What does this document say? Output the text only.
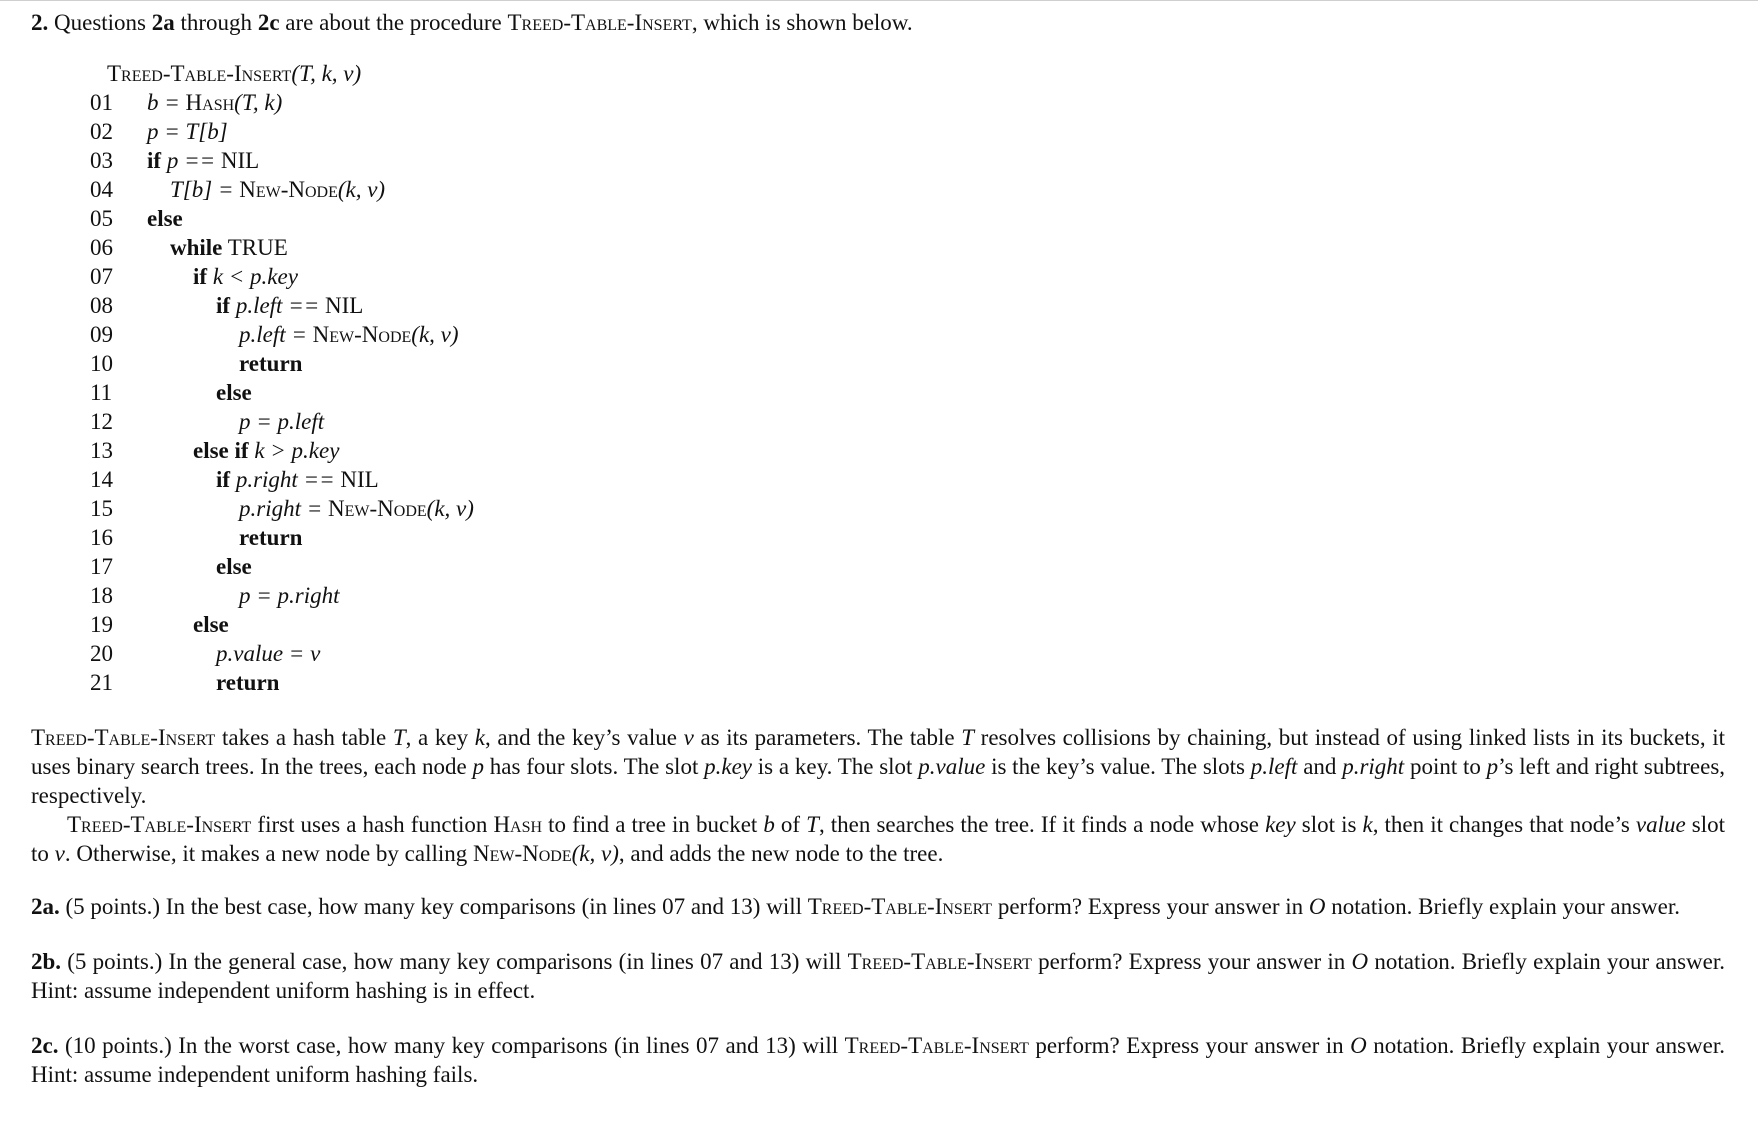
2. Questions 2a through 2c are about the procedure Treed-Table-Insert, which is shown below.

Treed-Table-Insert(T, k, v)
01	b = Hash(T, k)
02	p = T[b]
03	if p == NIL
04	T[b] = New-Node(k, v)
05	else
06	while TRUE
07	if k < p.key
08	if p.left == NIL
09	p.left = New-Node(k, v)
10	return
11	else
12	p = p.left
13	else if k > p.key
14	if p.right == NIL
15	p.right = New-Node(k, v)
16	return
17	else
18	p = p.right
19	else
20	p.value = v
21	return

Treed-Table-Insert takes a hash table T, a key k, and the key’s value v as its parameters. The table T resolves collisions by chaining, but instead of using linked lists in its buckets, it uses binary search trees. In the trees, each node p has four slots. The slot p.key is a key. The slot p.value is the key’s value. The slots p.left and p.right point to p’s left and right subtrees, respectively.

Treed-Table-Insert first uses a hash function Hash to find a tree in bucket b of T, then searches the tree. If it finds a node whose key slot is k, then it changes that node’s value slot to v. Otherwise, it makes a new node by calling New-Node(k, v), and adds the new node to the tree.

2a. (5 points.) In the best case, how many key comparisons (in lines 07 and 13) will Treed-Table-Insert perform? Express your answer in O notation. Briefly explain your answer.

2b. (5 points.) In the general case, how many key comparisons (in lines 07 and 13) will Treed-Table-Insert perform? Express your answer in O notation. Briefly explain your answer. Hint: assume independent uniform hashing is in effect.

2c. (10 points.) In the worst case, how many key comparisons (in lines 07 and 13) will Treed-Table-Insert perform? Express your answer in O notation. Briefly explain your answer. Hint: assume independent uniform hashing fails.
